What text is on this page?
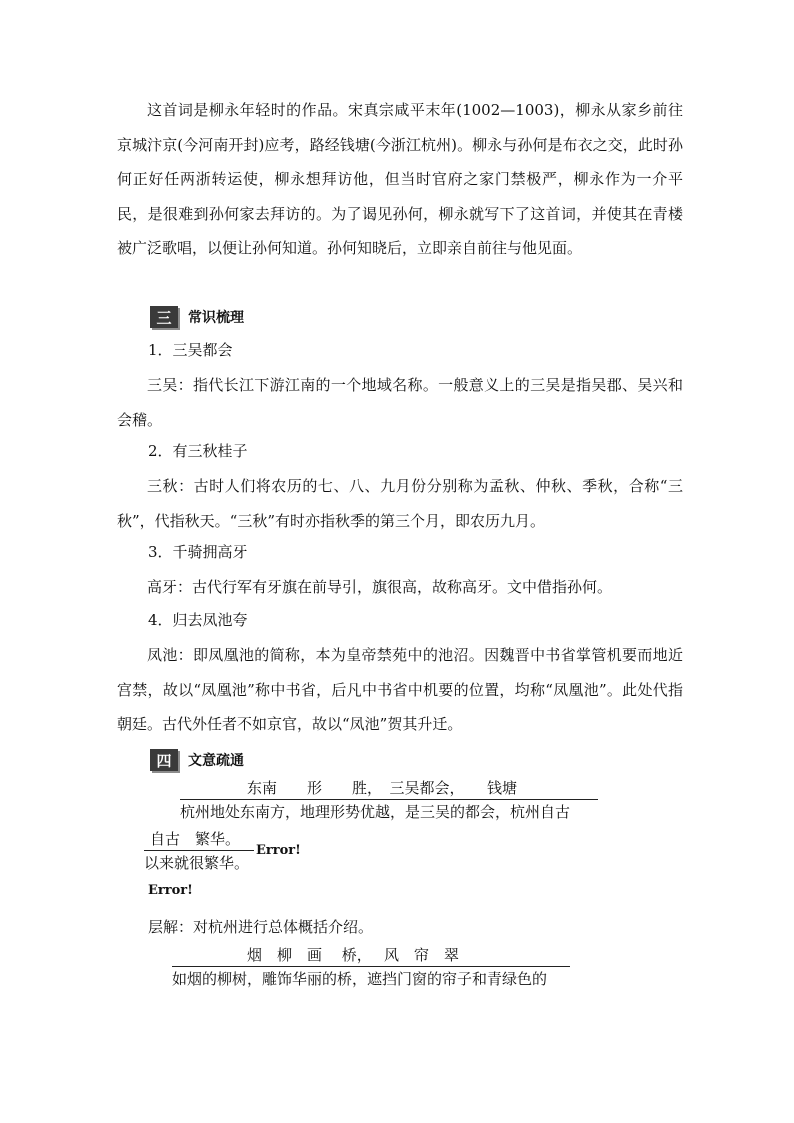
这首词是柳永年轻时的作品。宋真宗咸平末年(1002—1003)，柳永从家乡前往京城汴京(今河南开封)应考，路经钱塘(今浙江杭州)。柳永与孙何是布衣之交，此时孙何正好任两浙转运使，柳永想拜访他，但当时官府之家门禁极严，柳永作为一介平民，是很难到孙何家去拜访的。为了谒见孙何，柳永就写下了这首词，并使其在青楼被广泛歌唱，以便让孙何知道。孙何知晓后，立即亲自前往与他见面。

三	常识梳理

1．三吴都会

三吴：指代长江下游江南的一个地域名称。一般意义上的三吴是指吴郡、吴兴和会稽。

2．有三秋桂子

三秋：古时人们将农历的七、八、九月份分别称为孟秋、仲秋、季秋，合称“三秋”，代指秋天。“三秋”有时亦指秋季的第三个月，即农历九月。

3．千骑拥高牙

高牙：古代行军有牙旗在前导引，旗很高，故称高牙。文中借指孙何。

4．归去凤池夸

凤池：即凤凰池的简称，本为皇帝禁苑中的池沼。因魏晋中书省掌管机要而地近宫禁，故以“凤凰池”称中书省，后凡中书省中机要的位置，均称“凤凰池”。此处代指朝廷。古代外任者不如京官，故以“凤池”贺其升迁。

四	文意疏通
东南　　形　　胜，　三吴都会，　　钱塘
杭州地处东南方，地理形势优越，是三吴的都会，杭州自古
自古　繁华。
以来就很繁华。
Error!
Error!

层解：对杭州进行总体概括介绍。

烟　柳　画　 桥，　 风　帘　翠
如烟的柳树，雕饰华丽的桥，遮挡门窗的帘子和青绿色的
